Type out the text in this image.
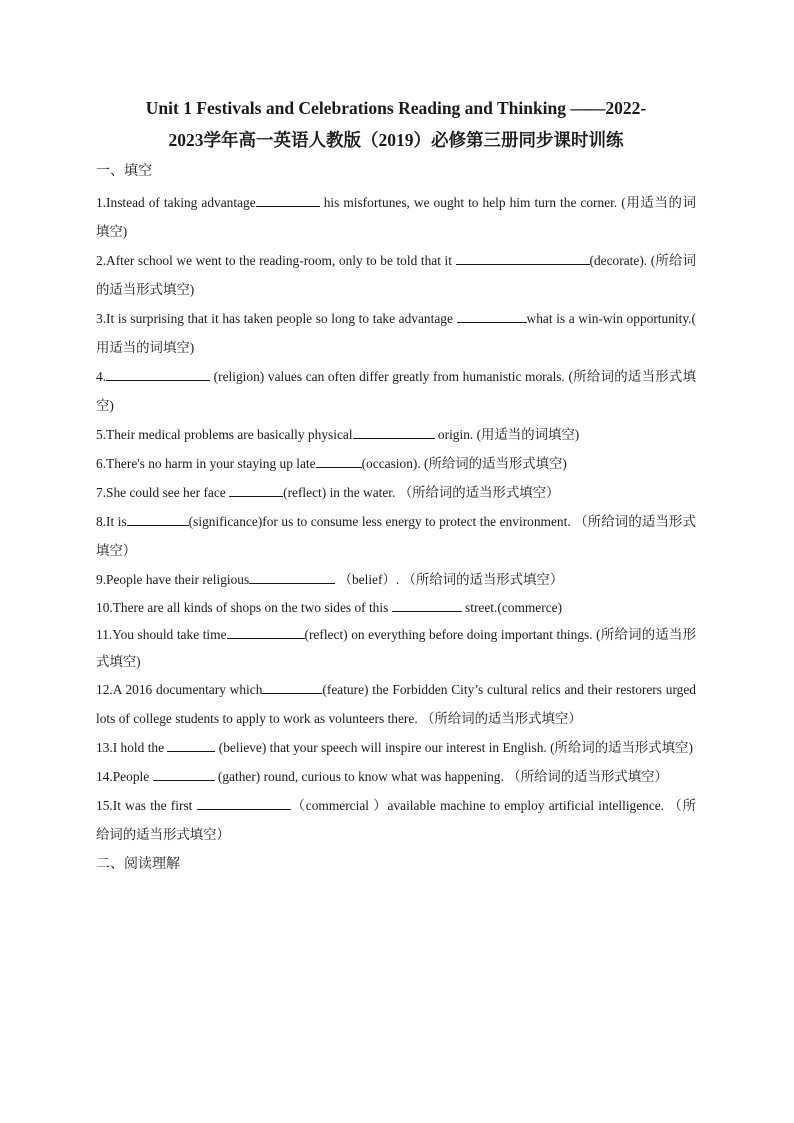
Unit 1 Festivals and Celebrations Reading and Thinking ——2022-
2023学年高一英语人教版（2019）必修第三册同步课时训练

一、填空

1.Instead of taking advantage	his misfortunes, we ought to help him turn the corner. (用适当的词填空)

2.After school we went to the reading-room, only to be told that it	(decorate). (所给词的适当形式填空)

3.It is surprising that it has taken people so long to take advantage	what is a win-win opportunity.( 用适当的词填空)

4.	(religion) values can often differ greatly from humanistic morals. (所给词的适当形式填空)

5.Their medical problems are basically physical	origin. (用适当的词填空)

6.There's no harm in your staying up late	(occasion). (所给词的适当形式填空)

7.She could see her face	(reflect) in the water. （所给词的适当形式填空）

8.It is	(significance)for us to consume less energy to protect the environment. （所给词的适当形式填空）

9.People have their religious	（belief）. （所给词的适当形式填空）

10.There are all kinds of shops on the two sides of this	street.(commerce)

11.You should take time	(reflect) on everything before doing important things. (所给词的适当形式填空)

12.A 2016 documentary which	(feature) the Forbidden City’s cultural relics and their restorers urged lots of college students to apply to work as volunteers there. （所给词的适当形式填空）

13.I hold the	(believe) that your speech will inspire our interest in English. (所给词的适当形式填空)

14.People	(gather) round, curious to know what was happening. （所给词的适当形式填空）

15.It was the first	（commercial ）available machine to employ artificial intelligence. （所给词的适当形式填空）

二、阅读理解
